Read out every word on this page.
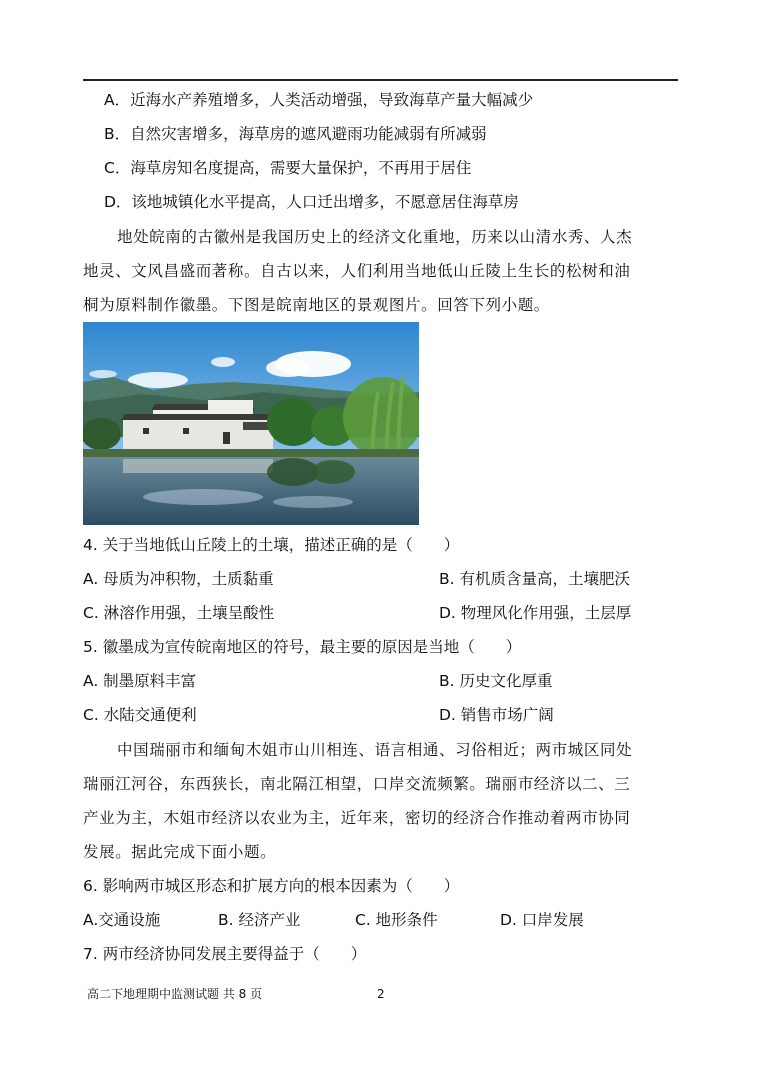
A．近海水产养殖增多，人类活动增强，导致海草产量大幅减少
B．自然灾害增多，海草房的遮风避雨功能减弱有所减弱
C．海草房知名度提高，需要大量保护，不再用于居住
D．该地城镇化水平提高，人口迁出增多，不愿意居住海草房
地处皖南的古徽州是我国历史上的经济文化重地，历来以山清水秀、人杰
地灵、文风昌盛而著称。自古以来，人们利用当地低山丘陵上生长的松树和油
桐为原料制作徽墨。下图是皖南地区的景观图片。回答下列小题。
4. 关于当地低山丘陵上的土壤，描述正确的是（　　）
A. 母质为冲积物，土质黏重	B. 有机质含量高，土壤肥沃
C. 淋溶作用强，土壤呈酸性	D. 物理风化作用强，土层厚
5. 徽墨成为宣传皖南地区的符号，最主要的原因是当地（　　）
A. 制墨原料丰富	B. 历史文化厚重
C. 水陆交通便利	D. 销售市场广阔
中国瑞丽市和缅甸木姐市山川相连、语言相通、习俗相近；两市城区同处
瑞丽江河谷，东西狭长，南北隔江相望，口岸交流频繁。瑞丽市经济以二、三
产业为主，木姐市经济以农业为主，近年来，密切的经济合作推动着两市协同
发展。据此完成下面小题。
6. 影响两市城区形态和扩展方向的根本因素为（　　）
A.交通设施	B. 经济产业	C. 地形条件	D. 口岸发展
7. 两市经济协同发展主要得益于（　　）
高二下地理期中监测试题 共 8 页	2
